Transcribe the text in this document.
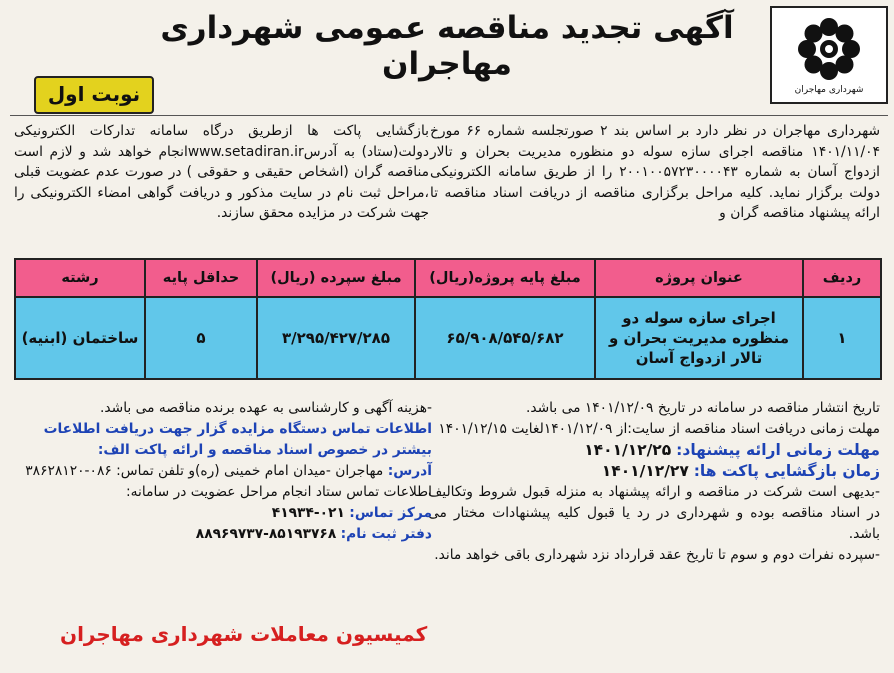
شهرداری مهاجران
آگهی تجدید مناقصه عمومی شهرداری مهاجران
نوبت اول

شهرداری مهاجران در نظر دارد بر اساس بند ۲ صورتجلسه شماره ۶۶ مورخ ۱۴۰۱/۱۱/۰۴ مناقصه اجرای سازه سوله دو منظوره مدیریت بحران و تالار ازدواج آسان به شماره ۲۰۰۱۰۰۵۷۲۳۰۰۰۰۴۳ را از طریق سامانه الکترونیکی دولت برگزار نماید. کلیه مراحل برگزاری مناقصه از دریافت اسناد مناقصه تا ارائه پیشنهاد مناقصه گران و

بازگشایی پاکت ها ازطریق درگاه سامانه تدارکات الکترونیکی دولت(ستاد) به آدرسwww.setadiran.irانجام خواهد شد و لازم است مناقصه گران (اشخاص حقیقی و حقوقی ) در صورت عدم عضویت قبلی ،مراحل ثبت نام در سایت مذکور و دریافت گواهی امضاء الکترونیکی را جهت شرکت در مزایده محقق سازند.

ردیف	عنوان پروژه	مبلغ پایه پروژه(ریال)	مبلغ سپرده (ریال)	حداقل پایه	رشته
۱	اجرای سازه سوله دو منظوره مدیریت بحران و تالار ازدواج آسان	۶۵/۹۰۸/۵۴۵/۶۸۲	۳/۲۹۵/۴۲۷/۲۸۵	۵	ساختمان (ابنیه)

تاریخ انتشار مناقصه در سامانه در تاریخ ۱۴۰۱/۱۲/۰۹ می باشد.

مهلت زمانی دریافت اسناد مناقصه از سایت:از ۱۴۰۱/۱۲/۰۹لغایت ۱۴۰۱/۱۲/۱۵

مهلت زمانی ارائه پیشنهاد: ۱۴۰۱/۱۲/۲۵

زمان بازگشایی پاکت ها: ۱۴۰۱/۱۲/۲۷

-بدیهی است شرکت در مناقصه و ارائه پیشنهاد به منزله قبول شروط وتکالیف در اسناد مناقصه بوده و شهرداری در رد یا قبول کلیه پیشنهادات مختار می باشد.

-سپرده نفرات دوم و سوم تا تاریخ عقد قرارداد نزد شهرداری باقی خواهد ماند.

-هزینه آگهی و کارشناسی به عهده برنده مناقصه می باشد.

اطلاعات تماس دستگاه مزایده گزار جهت دریافت اطلاعات بیشتر در خصوص اسناد مناقصه و ارائه پاکت الف:

آدرس: مهاجران -میدان امام خمینی (ره)و تلفن تماس: ۰۸۶-۳۸۶۲۸۱۲۰

اطلاعات تماس ستاد انجام مراحل عضویت در سامانه:

مرکز تماس: ۰۲۱-۴۱۹۳۴

دفتر ثبت نام: ۸۵۱۹۳۷۶۸-۸۸۹۶۹۷۳۷

کمیسیون معاملات شهرداری مهاجران
